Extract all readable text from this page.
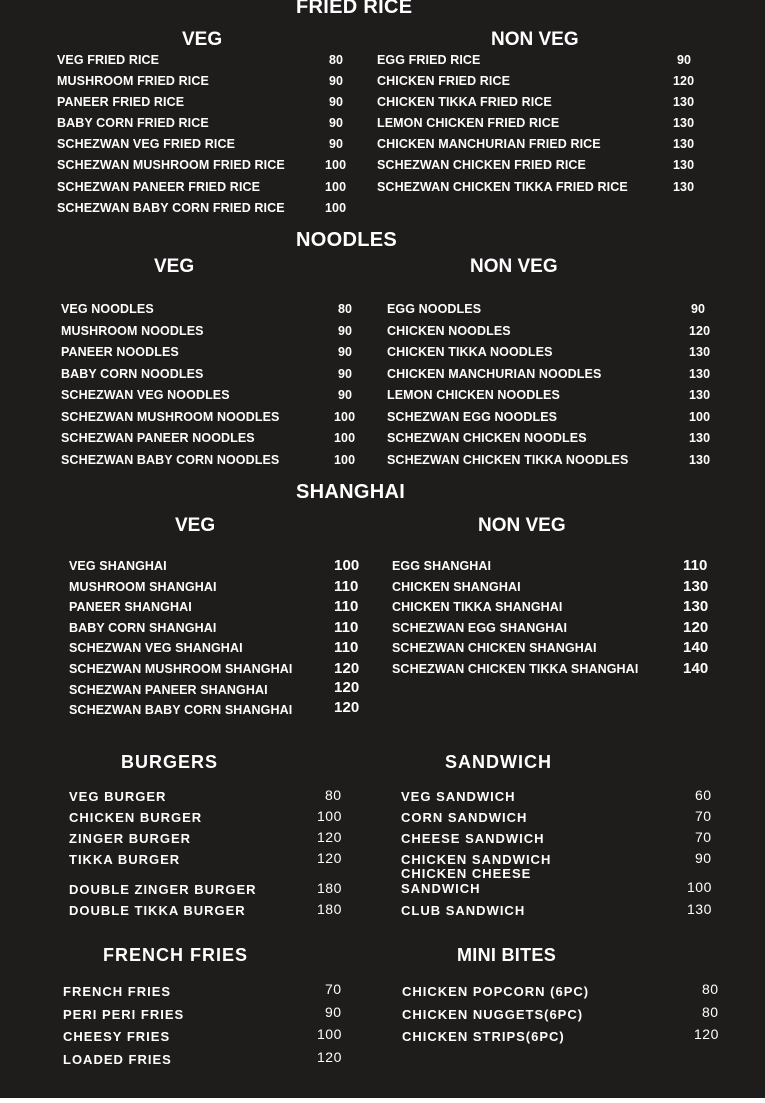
FRIED RICE
VEG	NON VEG
VEG FRIED RICE	80
MUSHROOM FRIED RICE	90
PANEER FRIED RICE	90
BABY CORN FRIED RICE	90
SCHEZWAN VEG FRIED RICE	90
SCHEZWAN MUSHROOM FRIED RICE	100
SCHEZWAN PANEER FRIED RICE	100
SCHEZWAN BABY CORN FRIED RICE	100
EGG FRIED RICE	90
CHICKEN FRIED RICE	120
CHICKEN TIKKA FRIED RICE	130
LEMON CHICKEN FRIED RICE	130
CHICKEN MANCHURIAN FRIED RICE	130
SCHEZWAN CHICKEN FRIED RICE	130
SCHEZWAN CHICKEN TIKKA FRIED RICE	130
NOODLES
VEG	NON VEG
VEG NOODLES	80
MUSHROOM NOODLES	90
PANEER NOODLES	90
BABY CORN NOODLES	90
SCHEZWAN VEG NOODLES	90
SCHEZWAN MUSHROOM NOODLES	100
SCHEZWAN PANEER NOODLES	100
SCHEZWAN BABY CORN NOODLES	100
EGG NOODLES	90
CHICKEN NOODLES	120
CHICKEN TIKKA NOODLES	130
CHICKEN MANCHURIAN NOODLES	130
LEMON CHICKEN NOODLES	130
SCHEZWAN EGG NOODLES	100
SCHEZWAN CHICKEN NOODLES	130
SCHEZWAN CHICKEN TIKKA NOODLES	130
SHANGHAI
VEG	NON VEG
VEG SHANGHAI	100
MUSHROOM SHANGHAI	110
PANEER SHANGHAI	110
BABY CORN SHANGHAI	110
SCHEZWAN VEG SHANGHAI	110
SCHEZWAN MUSHROOM SHANGHAI	120
SCHEZWAN PANEER SHANGHAI	120
SCHEZWAN BABY CORN SHANGHAI	120
EGG SHANGHAI	110
CHICKEN SHANGHAI	130
CHICKEN TIKKA SHANGHAI	130
SCHEZWAN EGG SHANGHAI	120
SCHEZWAN CHICKEN SHANGHAI	140
SCHEZWAN CHICKEN TIKKA SHANGHAI	140
BURGERS
VEG BURGER	80
CHICKEN BURGER	100
ZINGER BURGER	120
TIKKA BURGER	120
DOUBLE ZINGER BURGER	180
DOUBLE TIKKA BURGER	180
SANDWICH
VEG SANDWICH	60
CORN SANDWICH	70
CHEESE SANDWICH	70
CHICKEN SANDWICH	90
CHICKEN CHEESE
SANDWICH	100
CLUB SANDWICH	130
FRENCH FRIES
FRENCH FRIES	70
PERI PERI FRIES	90
CHEESY FRIES	100
LOADED FRIES	120
MINI BITES
CHICKEN POPCORN (6PC)	80
CHICKEN NUGGETS(6PC)	80
CHICKEN STRIPS(6PC)	120
